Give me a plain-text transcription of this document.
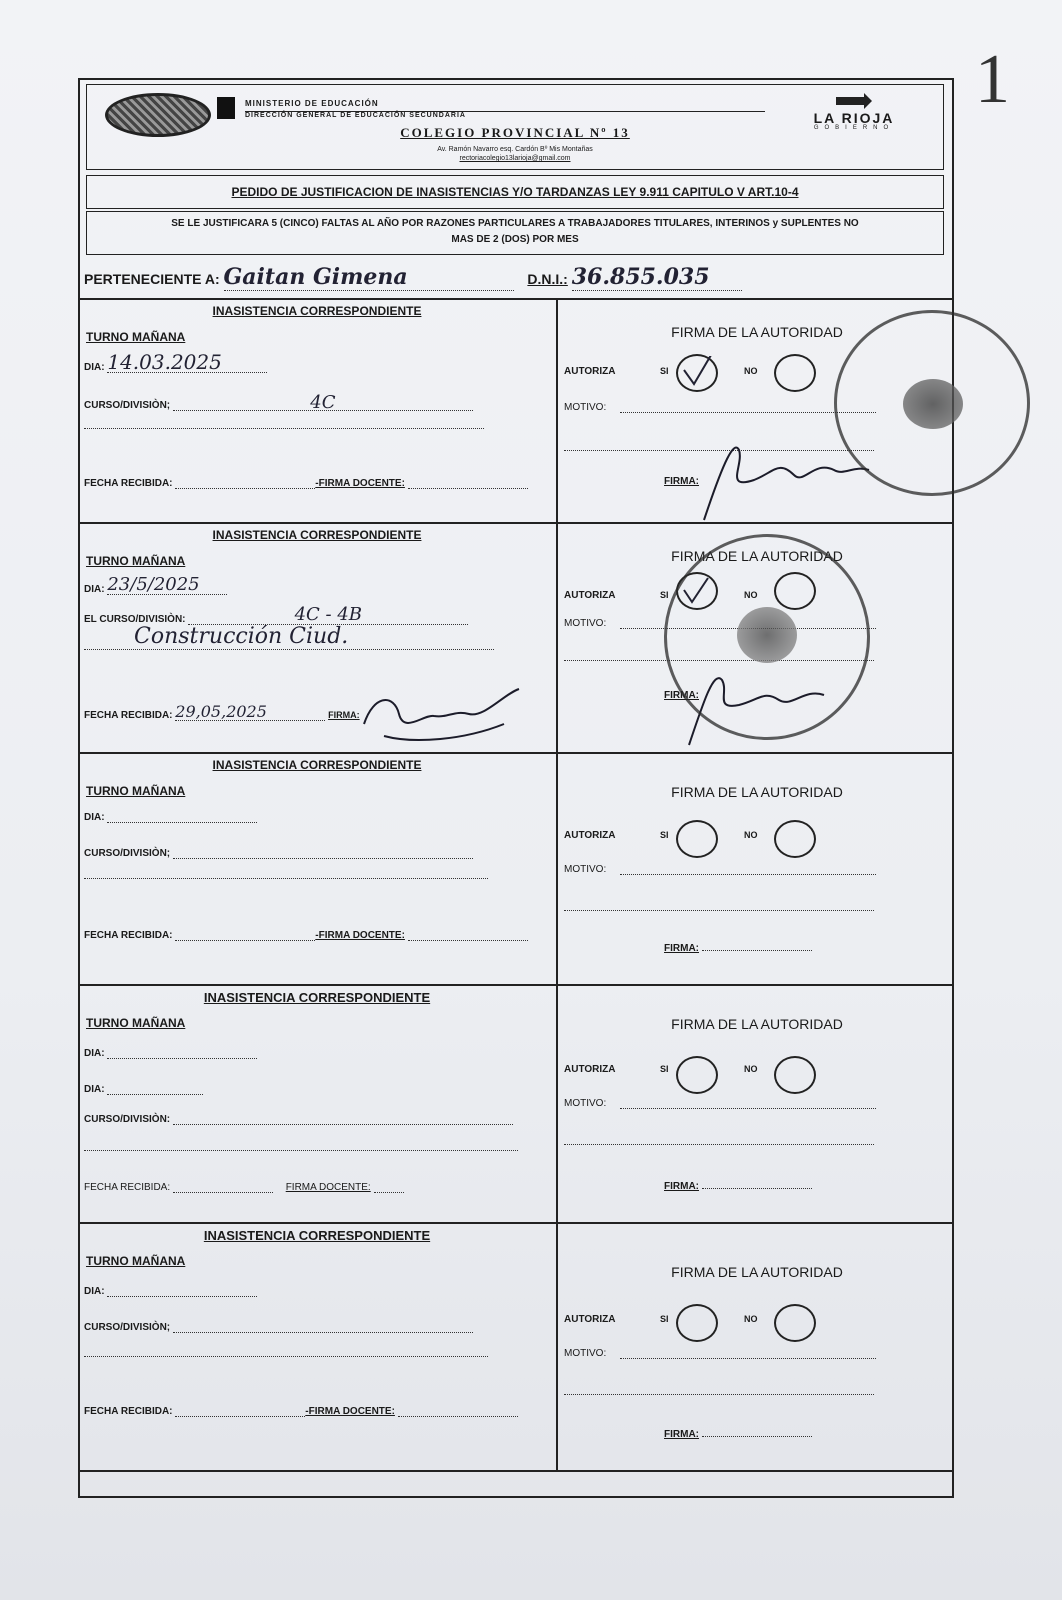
1
MINISTERIO DE EDUCACIÓN
DIRECCIÓN GENERAL DE EDUCACIÓN SECUNDARIA
COLEGIO PROVINCIAL Nº 13
Av. Ramón Navarro esq. Cardón Bº Mis Montañas
rectoriacolegio13larioja@gmail.com
LA RIOJA
GOBIERNO
PEDIDO DE JUSTIFICACION DE INASISTENCIAS Y/O TARDANZAS LEY 9.911 CAPITULO V ART.10-4
SE LE JUSTIFICARA 5 (CINCO) FALTAS AL AÑO POR RAZONES PARTICULARES A TRABAJADORES TITULARES, INTERINOS y SUPLENTES NO
MAS DE 2 (DOS) POR MES
PERTENECIENTE A: Gaitan Gimena	D.N.I.: 36.855.035
INASISTENCIA CORRESPONDIENTE
TURNO MAÑANA
DIA: 14.03.2025
CURSO/DIVISIÒN;	4C
FECHA RECIBIDA:	-FIRMA DOCENTE:
FIRMA DE LA AUTORIDAD
AUTORIZA	SI	NO
MOTIVO:
FIRMA:
INASISTENCIA CORRESPONDIENTE
TURNO MAÑANA
DIA: 23/5/2025
EL CURSO/DIVISIÒN:	4C - 4B
Construcción Ciud.
FECHA RECIBIDA: 29,05,2025	FIRMA:
FIRMA DE LA AUTORIDAD
AUTORIZA	SI	NO
MOTIVO:
FIRMA:
INASISTENCIA CORRESPONDIENTE
TURNO MAÑANA
DIA:
CURSO/DIVISIÒN;
FECHA RECIBIDA:	-FIRMA DOCENTE:
FIRMA DE LA AUTORIDAD
AUTORIZA	SI	NO
MOTIVO:
FIRMA:
INASISTENCIA CORRESPONDIENTE
TURNO MAÑANA
DIA:
DIA:
CURSO/DIVISIÒN:
FECHA RECIBIDA:	FIRMA DOCENTE:
FIRMA DE LA AUTORIDAD
AUTORIZA	SI	NO
MOTIVO:
FIRMA:
INASISTENCIA CORRESPONDIENTE
TURNO MAÑANA
DIA:
CURSO/DIVISIÒN;
FECHA RECIBIDA:	-FIRMA DOCENTE:
FIRMA DE LA AUTORIDAD
AUTORIZA	SI	NO
MOTIVO:
FIRMA:
